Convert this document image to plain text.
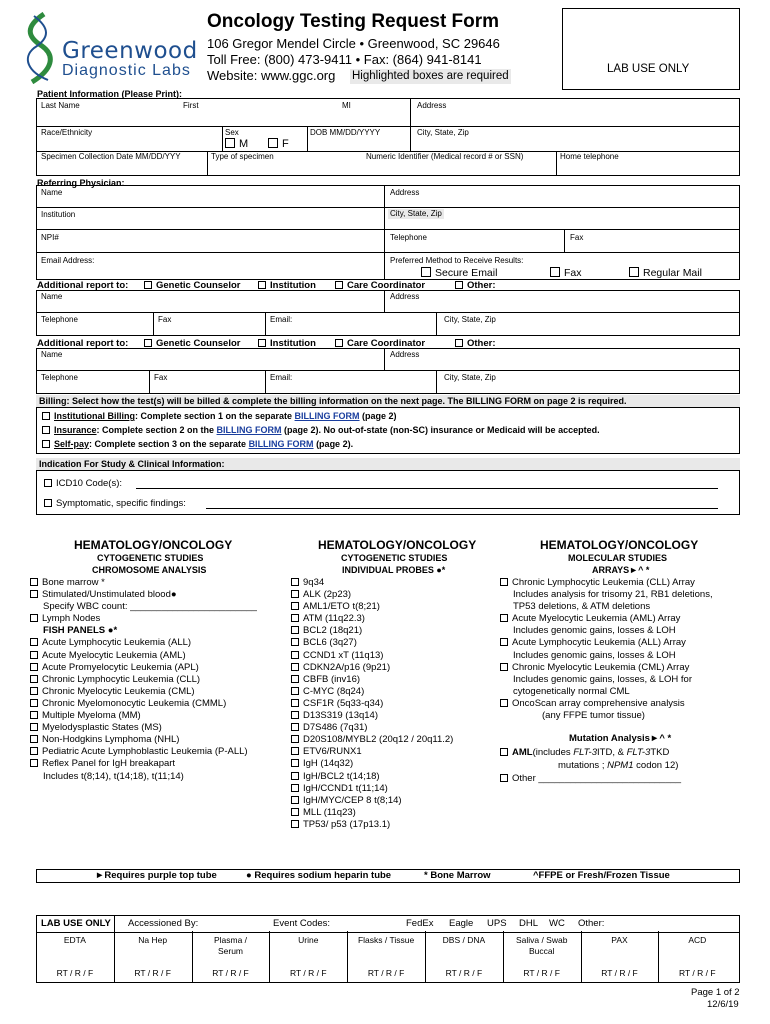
Greenwood
Diagnostic Labs
Oncology Testing Request Form
106 Gregor Mendel Circle • Greenwood, SC 29646
Toll Free: (800) 473-9411 • Fax: (864) 941-8141
Website: www.ggc.org Highlighted boxes are required
LAB USE ONLY
Patient Information (Please Print):
Last Name	First	MI	Address
Race/Ethnicity	Sex
M	F
DOB MM/DD/YYYY	City, State, Zip
Specimen Collection Date MM/DD/YYY	Type of specimen	Numeric Identifier (Medical record # or SSN)	Home telephone
Referring Physician:
Name	Address
Institution	City, State, Zip
NPI#	Telephone	Fax
Email Address:	Preferred Method to Receive Results:
Secure Email	Fax	Regular Mail
Additional report to:	Genetic Counselor	Institution	Care Coordinator	Other:
Name	Address
Telephone	Fax	Email:	City, State, Zip
Additional report to:	Genetic Counselor	Institution	Care Coordinator	Other:
Name	Address
Telephone	Fax	Email:	City, State, Zip
Billing: Select how the test(s) will be billed & complete the billing information on the next page. The BILLING FORM on page 2 is required.
Institutional Billing: Complete section 1 on the separate BILLING FORM (page 2)
Insurance: Complete section 2 on the BILLING FORM (page 2). No out-of-state (non-SC) insurance or Medicaid will be accepted.
Self-pay: Complete section 3 on the separate BILLING FORM (page 2).
Indication For Study & Clinical Information:
ICD10 Code(s):
Symptomatic, specific findings:
HEMATOLOGY/ONCOLOGY
CYTOGENETIC STUDIES
CHROMOSOME ANALYSIS
Bone marrow *
Stimulated/Unstimulated blood●
Specify WBC count: ________________________
Lymph Nodes
FISH PANELS ●*
Acute Lymphocytic Leukemia (ALL)
Acute Myelocytic Leukemia (AML)
Acute Promyelocytic Leukemia (APL)
Chronic Lymphocytic Leukemia (CLL)
Chronic Myelocytic Leukemia (CML)
Chronic Myelomonocytic Leukemia (CMML)
Multiple Myeloma (MM)
Myelodysplastic States (MS)
Non-Hodgkins Lymphoma (NHL)
Pediatric Acute Lymphoblastic Leukemia (P-ALL)
Reflex Panel for IgH breakapart
Includes t(8;14), t(14;18), t(11;14)
HEMATOLOGY/ONCOLOGY
CYTOGENETIC STUDIES
INDIVIDUAL PROBES ●*
9q34
ALK (2p23)
AML1/ETO t(8;21)
ATM (11q22.3)
BCL2 (18q21)
BCL6 (3q27)
CCND1 xT (11q13)
CDKN2A/p16 (9p21)
CBFB (inv16)
C-MYC (8q24)
CSF1R (5q33-q34)
D13S319 (13q14)
D7S486 (7q31)
D20S108/MYBL2 (20q12 / 20q11.2)
ETV6/RUNX1
IgH (14q32)
IgH/BCL2 t(14;18)
IgH/CCND1 t(11;14)
IgH/MYC/CEP 8 t(8;14)
MLL (11q23)
TP53/ p53 (17p13.1)
HEMATOLOGY/ONCOLOGY
MOLECULAR STUDIES
ARRAYS►^ *
Chronic Lymphocytic Leukemia (CLL) Array
Includes analysis for trisomy 21, RB1 deletions,
TP53 deletions, & ATM deletions
Acute Myelocytic Leukemia (AML) Array
Includes genomic gains, losses & LOH
Acute Lymphocytic Leukemia (ALL) Array
Includes genomic gains, losses & LOH
Chronic Myelocytic Leukemia (CML) Array
Includes genomic gains, losses, & LOH for
cytogenetically normal CML
OncoScan array comprehensive analysis
(any FFPE tumor tissue)
Mutation Analysis►^ *
AML(includes FLT-3ITD, & FLT-3TKD
mutations ; NPM1 codon 12)
Other ___________________________
►Requires purple top tube	● Requires sodium heparin tube	* Bone Marrow	^FFPE or Fresh/Frozen Tissue
LAB USE ONLY Accessioned By:	Event Codes:	FedEx Eagle UPS DHL WC Other:
EDTA
RT / R / F
Na Hep
RT / R / F
Plasma / Serum
RT / R / F
Urine
RT / R / F
Flasks / Tissue
RT / R / F
DBS / DNA
RT / R / F
Saliva / Swab Buccal
RT / R / F
PAX
RT / R / F
ACD
RT / R / F
Page 1 of 2
12/6/19
